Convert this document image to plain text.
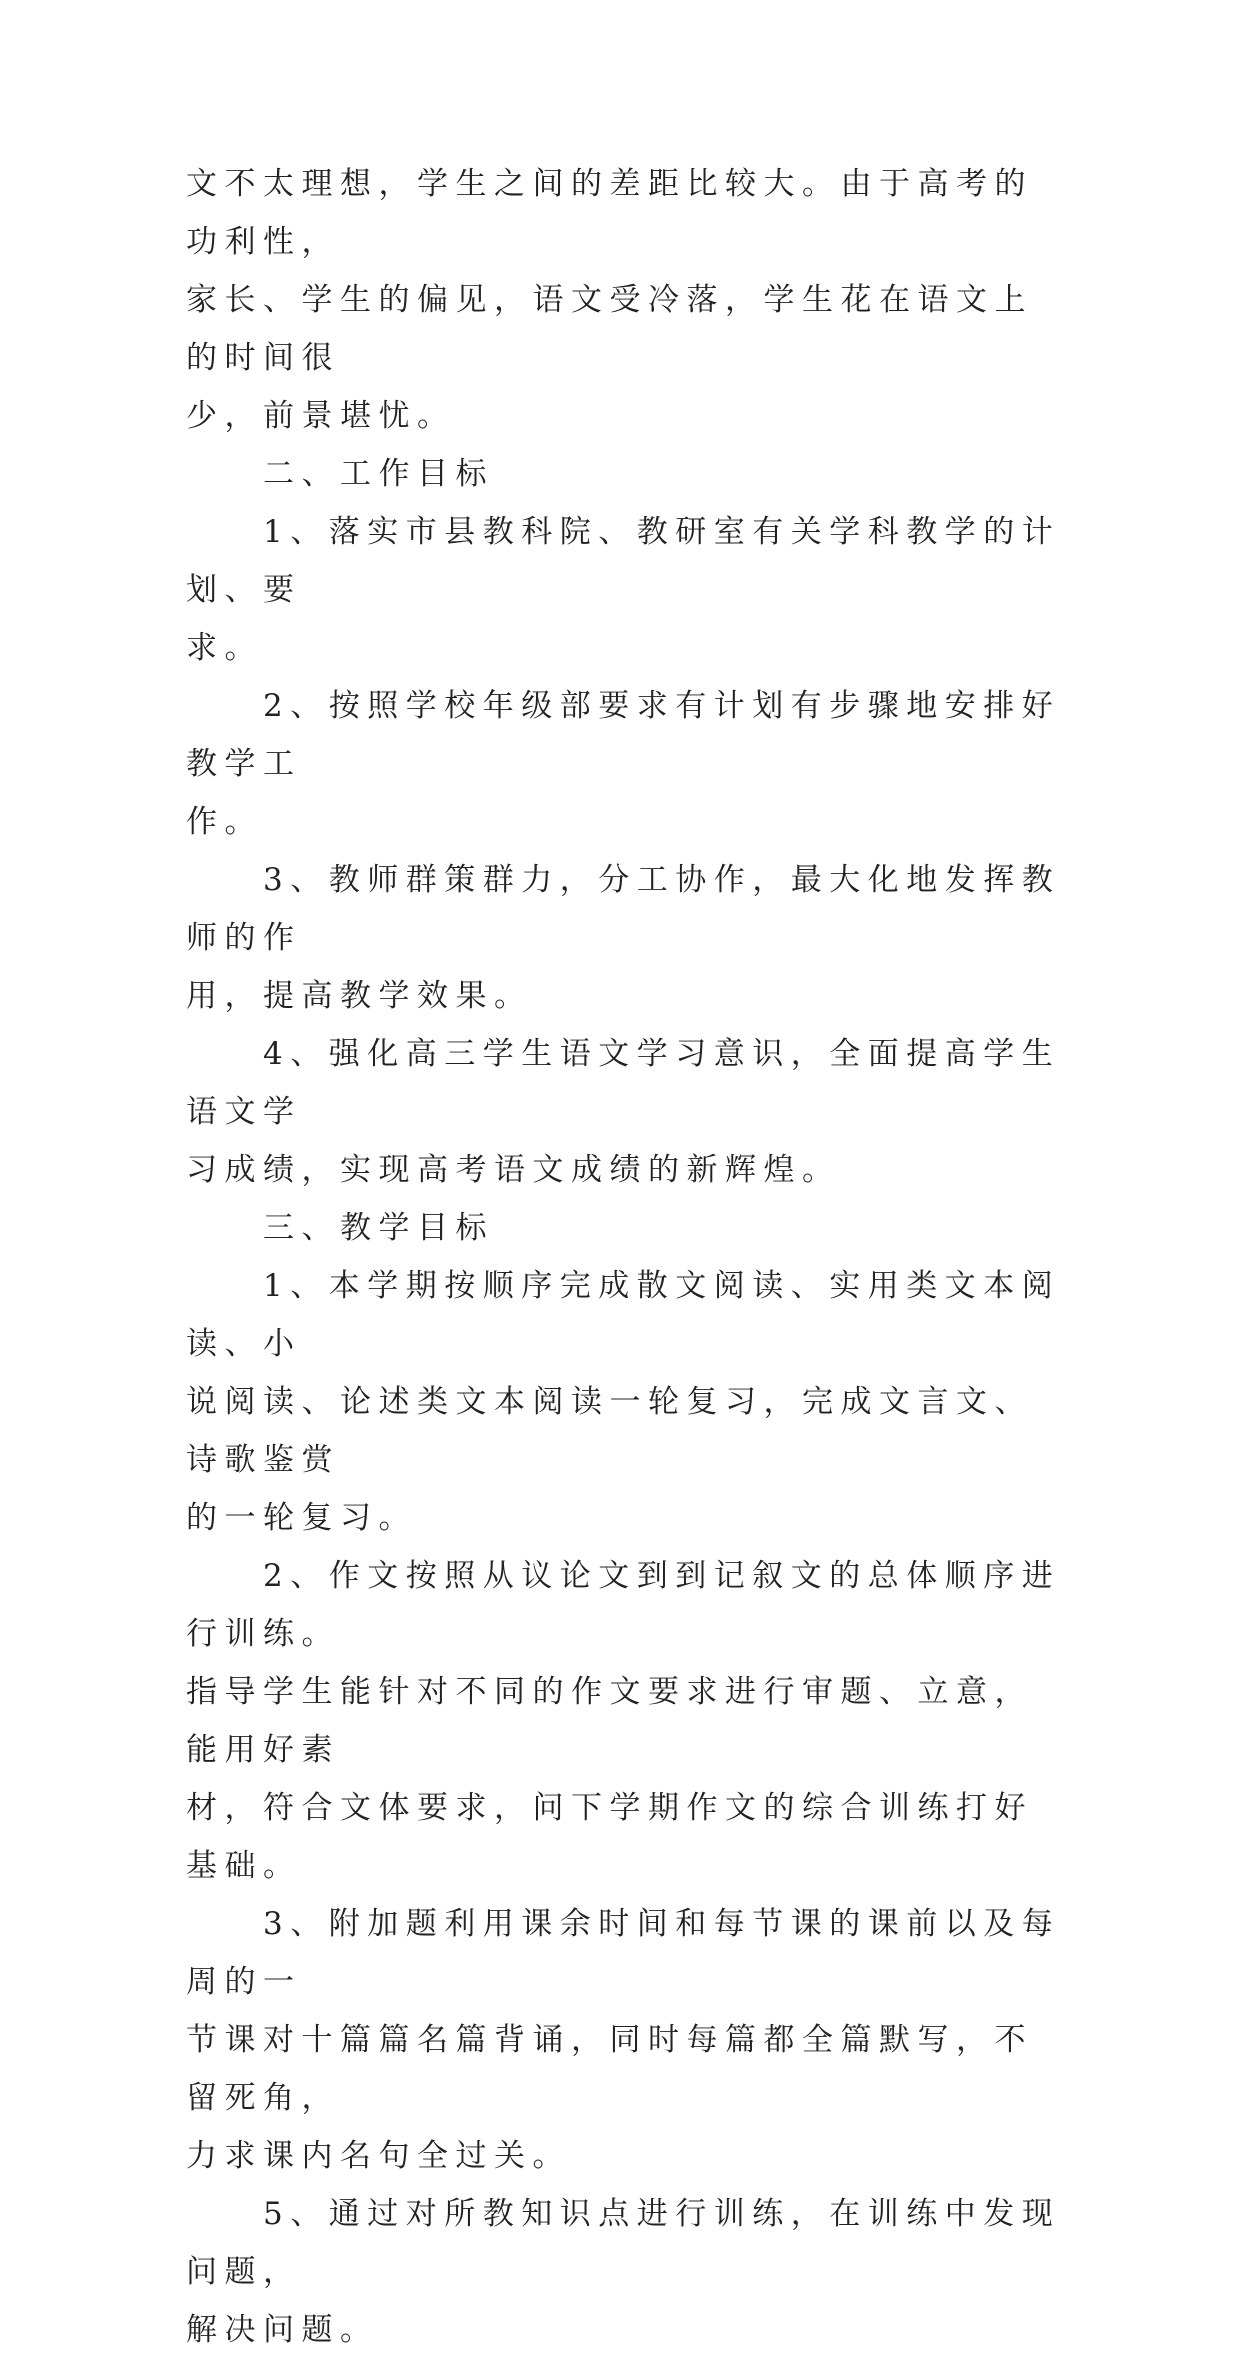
文不太理想，学生之间的差距比较大。由于高考的功利性，

家长、学生的偏见，语文受冷落，学生花在语文上的时间很

少，前景堪忧。

　　二、工作目标

　　1、落实市县教科院、教研室有关学科教学的计划、要

求。

　　2、按照学校年级部要求有计划有步骤地安排好教学工

作。

　　3、教师群策群力，分工协作，最大化地发挥教师的作

用，提高教学效果。

　　4、强化高三学生语文学习意识，全面提高学生语文学

习成绩，实现高考语文成绩的新辉煌。

　　三、教学目标

　　1、本学期按顺序完成散文阅读、实用类文本阅读、小

说阅读、论述类文本阅读一轮复习，完成文言文、诗歌鉴赏

的一轮复习。

　　2、作文按照从议论文到到记叙文的总体顺序进行训练。

指导学生能针对不同的作文要求进行审题、立意，能用好素

材，符合文体要求，问下学期作文的综合训练打好基础。

　　3、附加题利用课余时间和每节课的课前以及每周的一

节课对十篇篇名篇背诵，同时每篇都全篇默写，不留死角，

力求课内名句全过关。

　　5、通过对所教知识点进行训练，在训练中发现问题，

解决问题。
